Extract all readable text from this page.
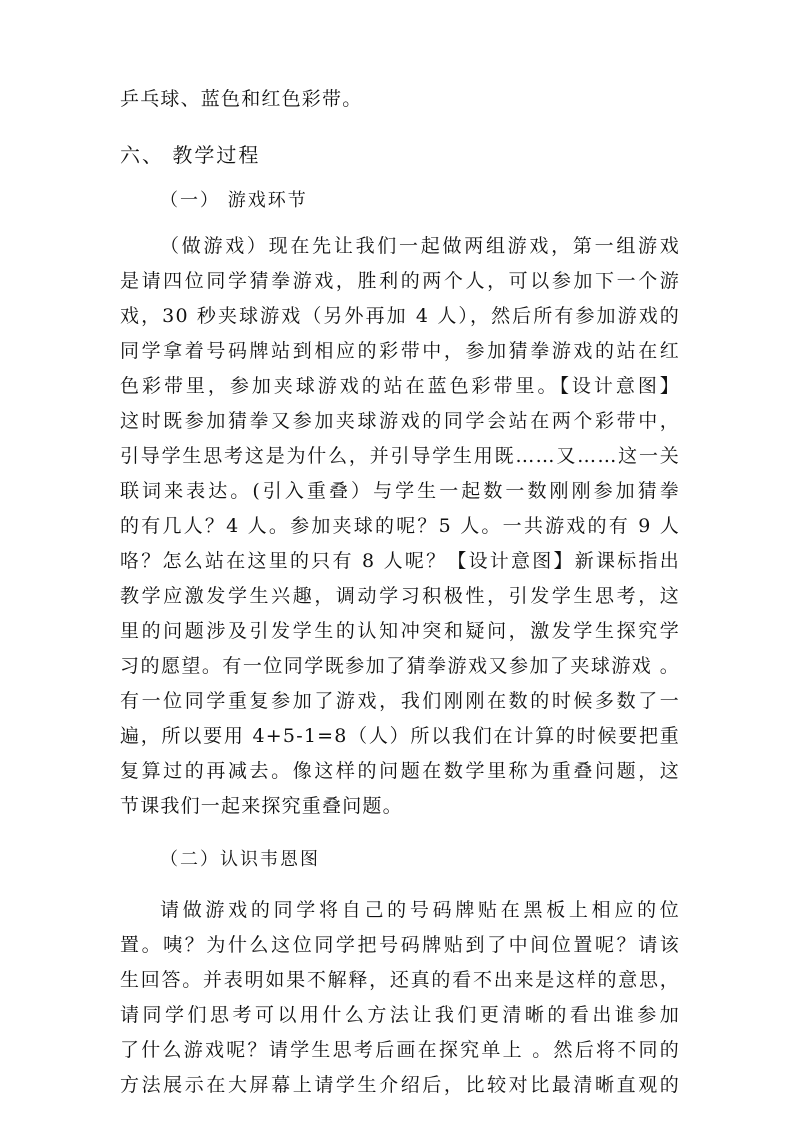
乒乓球、蓝色和红色彩带。
六、 教学过程
（一） 游戏环节
（做游戏）现在先让我们一起做两组游戏，第一组游戏
是请四位同学猜拳游戏，胜利的两个人，可以参加下一个游
戏，30 秒夹球游戏（另外再加 4 人），然后所有参加游戏的
同学拿着号码牌站到相应的彩带中，参加猜拳游戏的站在红
色彩带里，参加夹球游戏的站在蓝色彩带里。【设计意图】
这时既参加猜拳又参加夹球游戏的同学会站在两个彩带中，
引导学生思考这是为什么，并引导学生用既……又……这一关
联词来表达。(引入重叠）与学生一起数一数刚刚参加猜拳
的有几人？4 人。参加夹球的呢？5 人。一共游戏的有 9 人
咯？怎么站在这里的只有 8 人呢？【设计意图】新课标指出
教学应激发学生兴趣，调动学习积极性，引发学生思考，这
里的问题涉及引发学生的认知冲突和疑问，激发学生探究学
习的愿望。有一位同学既参加了猜拳游戏又参加了夹球游戏 。
有一位同学重复参加了游戏，我们刚刚在数的时候多数了一
遍，所以要用 4+5-1=8（人）所以我们在计算的时候要把重
复算过的再减去。像这样的问题在数学里称为重叠问题，这
节课我们一起来探究重叠问题。
（二）认识韦恩图
请做游戏的同学将自己的号码牌贴在黑板上相应的位
置。咦？为什么这位同学把号码牌贴到了中间位置呢？请该
生回答。并表明如果不解释，还真的看不出来是这样的意思，
请同学们思考可以用什么方法让我们更清晰的看出谁参加
了什么游戏呢？请学生思考后画在探究单上 。然后将不同的
方法展示在大屏幕上请学生介绍后，比较对比最清晰直观的
